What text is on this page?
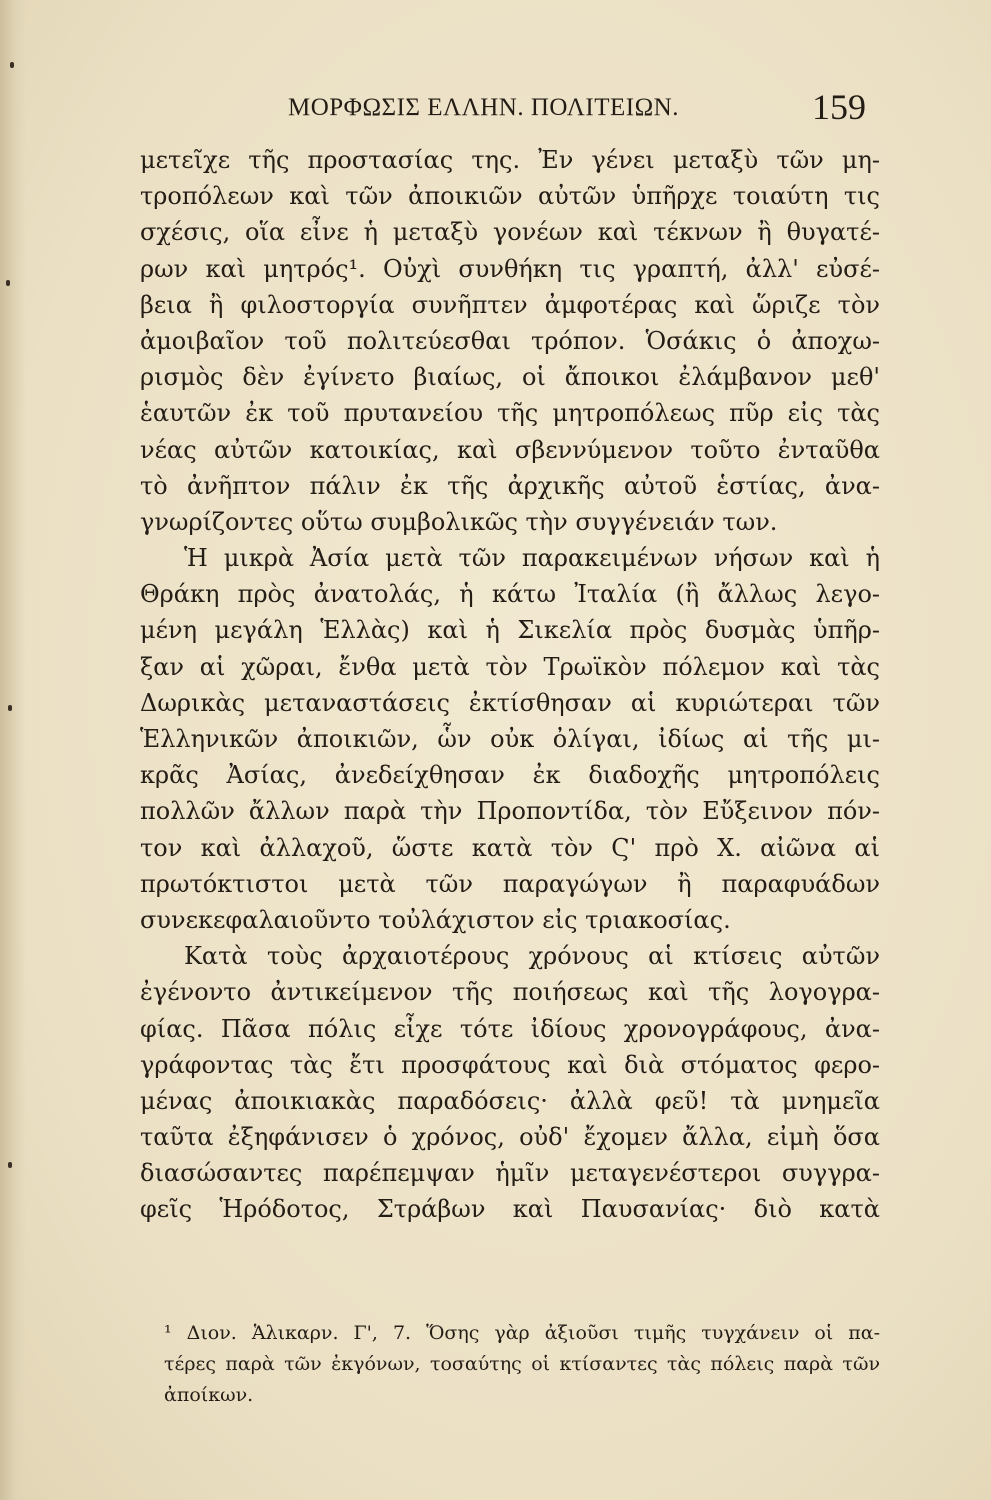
ΜΟΡΦΩΣΙΣ ΕΛΛΗΝ. ΠΟΛΙΤΕΙΩΝ.	159
μετεῖχε τῆς προστασίας της. Ἐν γένει μεταξὺ τῶν μη-
τροπόλεων καὶ τῶν ἀποικιῶν αὐτῶν ὑπῆρχε τοιαύτη τις
σχέσις, οἵα εἶνε ἡ μεταξὺ γονέων καὶ τέκνων ἢ θυγατέ-
ρων καὶ μητρός¹. Οὐχὶ συνθήκη τις γραπτή, ἀλλ' εὐσέ-
βεια ἢ φιλοστοργία συνῆπτεν ἀμφοτέρας καὶ ὥριζε τὸν
ἀμοιβαῖον τοῦ πολιτεύεσθαι τρόπον. Ὁσάκις ὁ ἀποχω-
ρισμὸς δὲν ἐγίνετο βιαίως, οἱ ἄποικοι ἐλάμβανον μεθ'
ἑαυτῶν ἐκ τοῦ πρυτανείου τῆς μητροπόλεως πῦρ εἰς τὰς
νέας αὐτῶν κατοικίας, καὶ σβεννύμενον τοῦτο ἐνταῦθα
τὸ ἀνῆπτον πάλιν ἐκ τῆς ἀρχικῆς αὐτοῦ ἑστίας, ἀνα-
γνωρίζοντες οὕτω συμβολικῶς τὴν συγγένειάν των.
Ἡ μικρὰ Ἀσία μετὰ τῶν παρακειμένων νήσων καὶ ἡ
Θράκη πρὸς ἀνατολάς, ἡ κάτω Ἰταλία (ἢ ἄλλως λεγο-
μένη μεγάλη Ἑλλὰς) καὶ ἡ Σικελία πρὸς δυσμὰς ὑπῆρ-
ξαν αἱ χῶραι, ἔνθα μετὰ τὸν Τρωϊκὸν πόλεμον καὶ τὰς
Δωρικὰς μεταναστάσεις ἐκτίσθησαν αἱ κυριώτεραι τῶν
Ἑλληνικῶν ἀποικιῶν, ὧν οὐκ ὀλίγαι, ἰδίως αἱ τῆς μι-
κρᾶς Ἀσίας, ἀνεδείχθησαν ἐκ διαδοχῆς μητροπόλεις
πολλῶν ἄλλων παρὰ τὴν Προποντίδα, τὸν Εὔξεινον πόν-
τον καὶ ἀλλαχοῦ, ὥστε κατὰ τὸν Ϛ' πρὸ Χ. αἰῶνα αἱ
πρωτόκτιστοι μετὰ τῶν παραγώγων ἢ παραφυάδων
συνεκεφαλαιοῦντο τοὐλάχιστον εἰς τριακοσίας.
Κατὰ τοὺς ἀρχαιοτέρους χρόνους αἱ κτίσεις αὐτῶν
ἐγένοντο ἀντικείμενον τῆς ποιήσεως καὶ τῆς λογογρα-
φίας. Πᾶσα πόλις εἶχε τότε ἰδίους χρονογράφους, ἀνα-
γράφοντας τὰς ἔτι προσφάτους καὶ διὰ στόματος φερο-
μένας ἀποικιακὰς παραδόσεις· ἀλλὰ φεῦ! τὰ μνημεῖα
ταῦτα ἐξηφάνισεν ὁ χρόνος, οὐδ' ἔχομεν ἄλλα, εἰμὴ ὅσα
διασώσαντες παρέπεμψαν ἡμῖν μεταγενέστεροι συγγρα-
φεῖς Ἡρόδοτος, Στράβων καὶ Παυσανίας· διὸ κατὰ
¹ Διον. Ἁλικαρν. Γ', 7. Ὅσης γὰρ ἀξιοῦσι τιμῆς τυγχάνειν οἱ πα-
τέρες παρὰ τῶν ἐκγόνων, τοσαύτης οἱ κτίσαντες τὰς πόλεις παρὰ τῶν
ἀποίκων.
